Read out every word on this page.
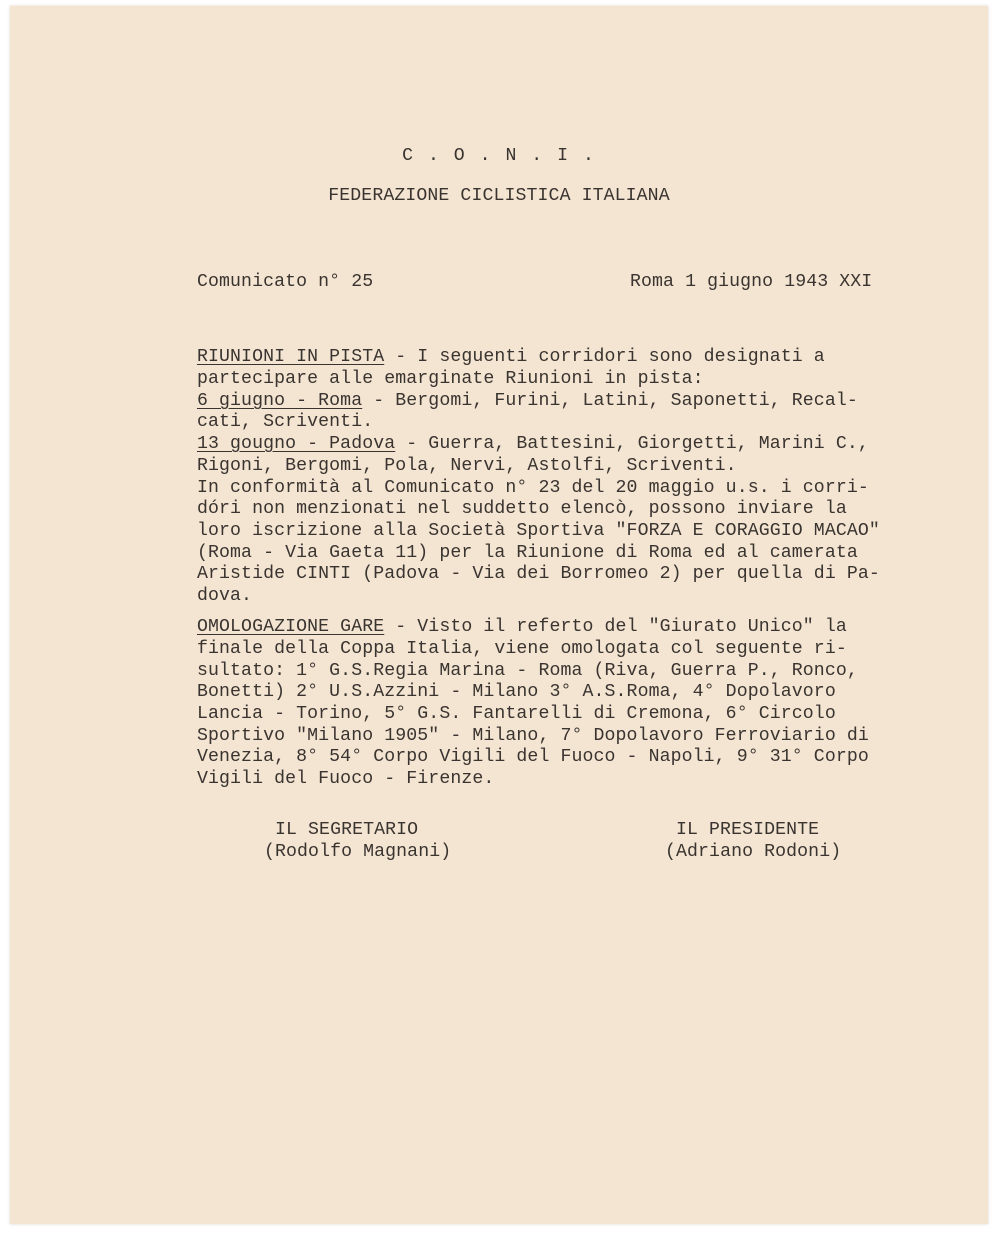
C . O . N . I .
FEDERAZIONE CICLISTICA ITALIANA
Comunicato n° 25	Roma 1 giugno 1943 XXI
RIUNIONI IN PISTA - I seguenti corridori sono designati a
partecipare alle emarginate Riunioni in pista:
6 giugno - Roma - Bergomi, Furini, Latini, Saponetti, Recal-
cati, Scriventi.
13 gougno - Padova - Guerra, Battesini, Giorgetti, Marini C.,
Rigoni, Bergomi, Pola, Nervi, Astolfi, Scriventi.
In conformità al Comunicato n° 23 del 20 maggio u.s. i corri-
dóri non menzionati nel suddetto elencò, possono inviare la
loro iscrizione alla Società Sportiva "FORZA E CORAGGIO MACAO"
(Roma - Via Gaeta 11) per la Riunione di Roma ed al camerata
Aristide CINTI (Padova - Via dei Borromeo 2) per quella di Pa-
dova.
OMOLOGAZIONE GARE - Visto il referto del "Giurato Unico" la
finale della Coppa Italia, viene omologata col seguente ri-
sultato: 1° G.S.Regia Marina - Roma (Riva, Guerra P., Ronco,
Bonetti) 2° U.S.Azzini - Milano 3° A.S.Roma, 4° Dopolavoro
Lancia - Torino, 5° G.S. Fantarelli di Cremona, 6° Circolo
Sportivo "Milano 1905" - Milano, 7° Dopolavoro Ferroviario di
Venezia, 8° 54° Corpo Vigili del Fuoco - Napoli, 9° 31° Corpo
Vigili del Fuoco - Firenze.
IL SEGRETARIO
(Rodolfo Magnani)
IL PRESIDENTE
(Adriano Rodoni)
